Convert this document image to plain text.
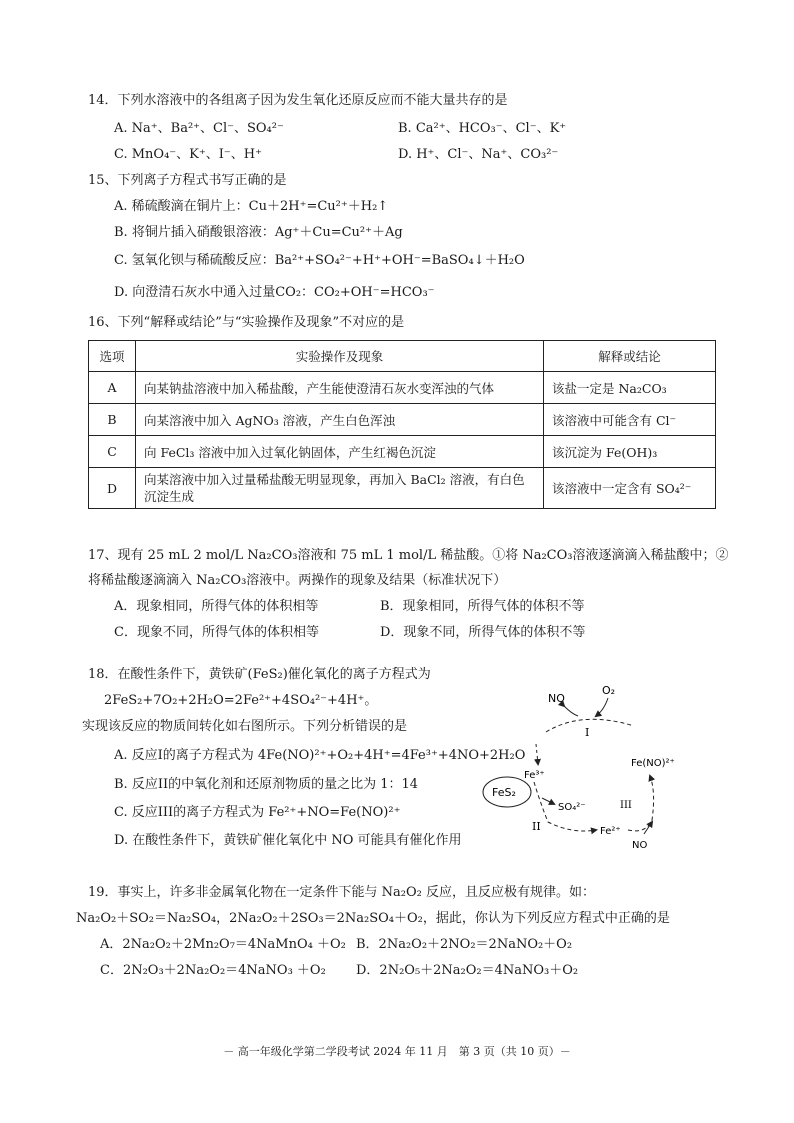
14．下列水溶液中的各组离子因为发生氧化还原反应而不能大量共存的是
A. Na⁺、Ba²⁺、Cl⁻、SO₄²⁻	B. Ca²⁺、HCO₃⁻、Cl⁻、K⁺
C. MnO₄⁻、K⁺、I⁻、H⁺	D. H⁺、Cl⁻、Na⁺、CO₃²⁻
15、下列离子方程式书写正确的是
A. 稀硫酸滴在铜片上：Cu＋2H⁺=Cu²⁺＋H₂↑
B. 将铜片插入硝酸银溶液：Ag⁺＋Cu=Cu²⁺＋Ag
C. 氢氧化钡与稀硫酸反应：Ba²⁺+SO₄²⁻+H⁺+OH⁻=BaSO₄↓＋H₂O
D. 向澄清石灰水中通入过量CO₂：CO₂+OH⁻=HCO₃⁻
16、下列“解释或结论”与“实验操作及现象”不对应的是
选项	实验操作及现象	解释或结论
A	向某钠盐溶液中加入稀盐酸，产生能使澄清石灰水变浑浊的气体	该盐一定是 Na₂CO₃
B	向某溶液中加入 AgNO₃ 溶液，产生白色浑浊	该溶液中可能含有 Cl⁻
C	向 FeCl₃ 溶液中加入过氧化钠固体，产生红褐色沉淀	该沉淀为 Fe(OH)₃
D	向某溶液中加入过量稀盐酸无明显现象，再加入 BaCl₂ 溶液，有白色沉淀生成	该溶液中一定含有 SO₄²⁻
17、现有 25 mL 2 mol/L Na₂CO₃溶液和 75 mL 1 mol/L 稀盐酸。①将 Na₂CO₃溶液逐滴滴入稀盐酸中；②
将稀盐酸逐滴滴入 Na₂CO₃溶液中。两操作的现象及结果（标准状况下）
A．现象相同，所得气体的体积相等	B．现象相同，所得气体的体积不等
C．现象不同，所得气体的体积相等	D．现象不同，所得气体的体积不等
18．在酸性条件下，黄铁矿(FeS₂)催化氧化的离子方程式为
2FeS₂+7O₂+2H₂O=2Fe²⁺+4SO₄²⁻+4H⁺。
实现该反应的物质间转化如右图所示。下列分析错误的是
A. 反应I的离子方程式为 4Fe(NO)²⁺+O₂+4H⁺=4Fe³⁺+4NO+2H₂O
B. 反应II的中氧化剂和还原剂物质的量之比为 1：14
C. 反应III的离子方程式为 Fe²⁺+NO=Fe(NO)²⁺
D. 在酸性条件下，黄铁矿催化氧化中 NO 可能具有催化作用
NO
O₂
I
Fe³⁺
FeS₂
SO₄²⁻
II	Fe²⁺
Fe(NO)²⁺
III
NO
19．事实上，许多非金属氧化物在一定条件下能与 Na₂O₂ 反应，且反应极有规律。如：
Na₂O₂＋SO₂＝Na₂SO₄，2Na₂O₂＋2SO₃＝2Na₂SO₄＋O₂，据此，你认为下列反应方程式中正确的是
A．2Na₂O₂＋2Mn₂O₇＝4NaMnO₄ ＋O₂ B．2Na₂O₂＋2NO₂＝2NaNO₂＋O₂
C．2N₂O₃＋2Na₂O₂＝4NaNO₃ ＋O₂ D．2N₂O₅＋2Na₂O₂＝4NaNO₃＋O₂
－ 高一年级化学第二学段考试 2024 年 11 月　第 3 页（共 10 页）－
